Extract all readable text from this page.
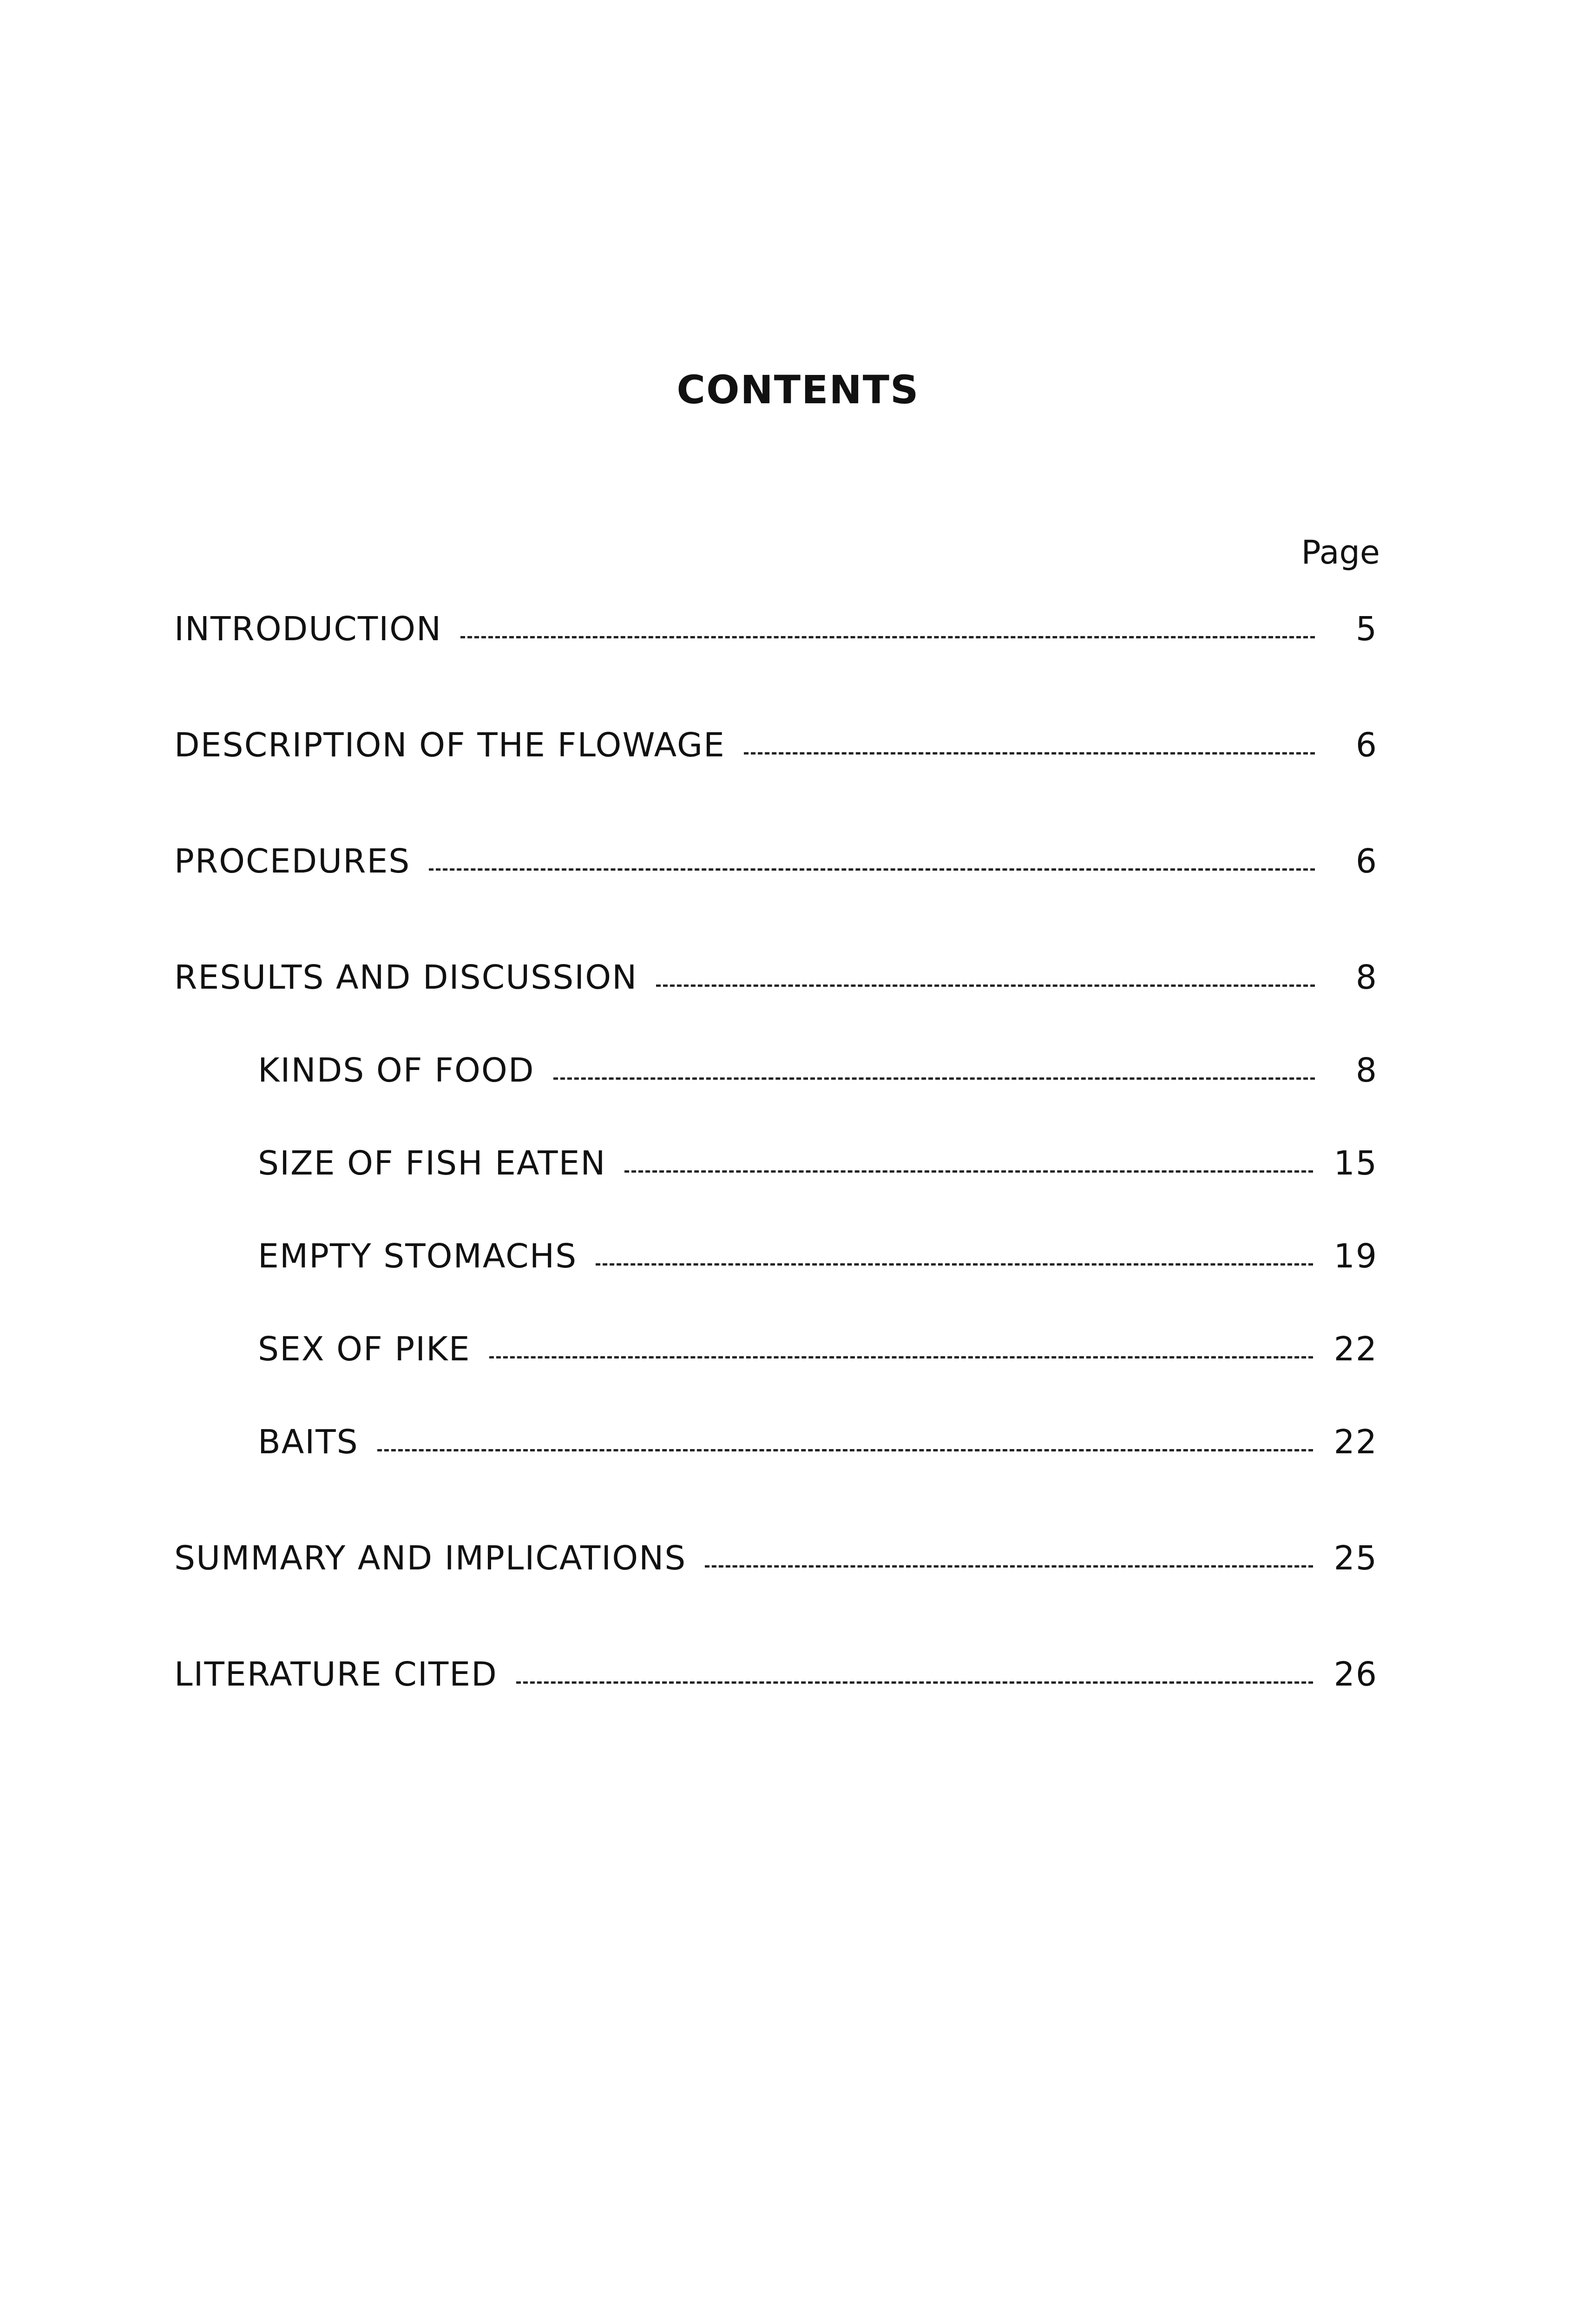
CONTENTS
Page
INTRODUCTION	5
DESCRIPTION OF THE FLOWAGE	6
PROCEDURES	6
RESULTS AND DISCUSSION	8
KINDS OF FOOD	8
SIZE OF FISH EATEN	15
EMPTY STOMACHS	19
SEX OF PIKE	22
BAITS	22
SUMMARY AND IMPLICATIONS	25
LITERATURE CITED	26
